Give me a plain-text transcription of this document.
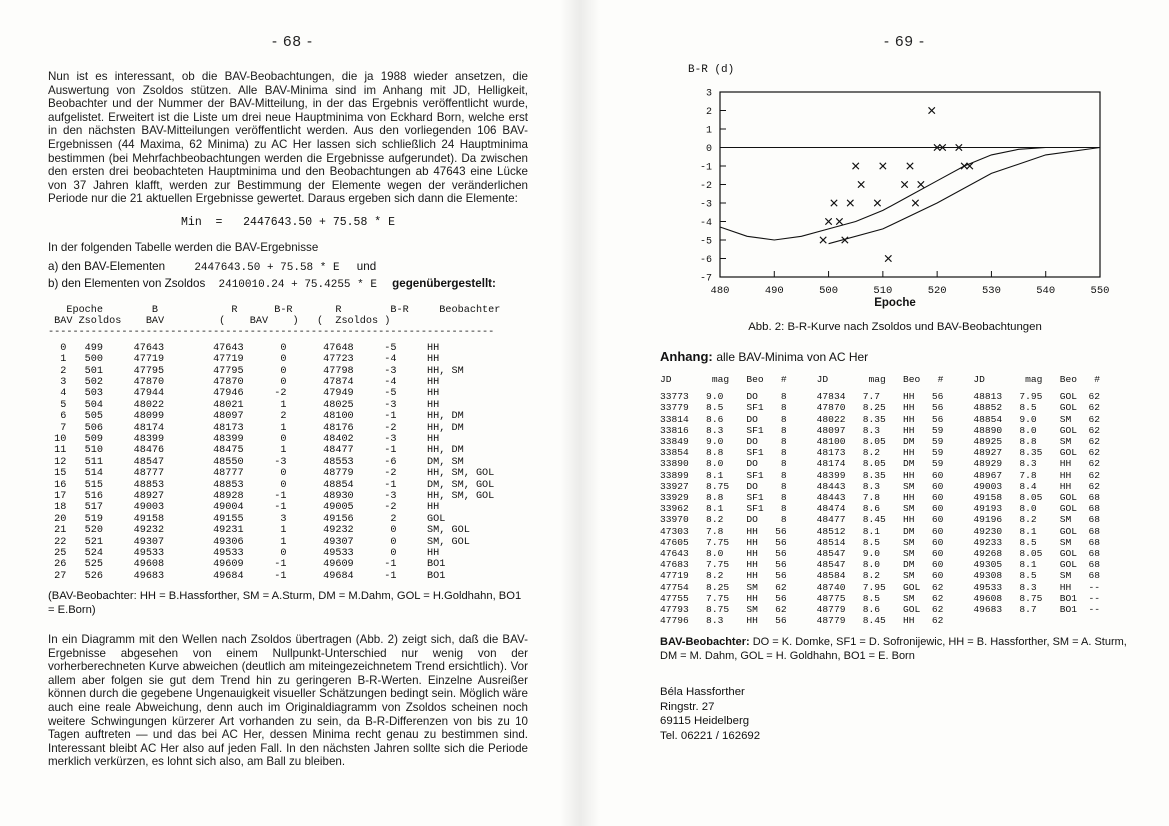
- 68 -	- 69 -

Nun ist es interessant, ob die BAV-Beobachtungen, die ja 1988 wieder ansetzen, die Auswertung von Zsoldos stützen. Alle BAV-Minima sind im Anhang mit JD, Helligkeit, Beobachter und der Nummer der BAV-Mitteilung, in der das Ergebnis veröffentlicht wurde, aufgelistet. Erweitert ist die Liste um drei neue Hauptminima von Eckhard Born, welche erst in den nächsten BAV-Mitteilungen veröffentlicht werden. Aus den vorliegenden 106 BAV-Ergebnissen (44 Maxima, 62 Minima) zu AC Her lassen sich schließlich 24 Hauptminima bestimmen (bei Mehrfachbeobachtungen werden die Ergebnisse aufgerundet). Da zwischen den ersten drei beobachteten Hauptminima und den Beobachtungen ab 47643 eine Lücke von 37 Jahren klafft, werden zur Bestimmung der Elemente wegen der veränderlichen Periode nur die 21 aktuellen Ergebnisse gewertet. Daraus ergeben sich dann die Elemente:

Min  =   2447643.50 + 75.58 * E

In der folgenden Tabelle werden die BAV-Ergebnisse

a) den BAV-Elementen	2447643.50 + 75.58 * E und

b) den Elementen von Zsoldos 2410010.24 + 75.4255 * E gegenübergestellt:

Epoche        B            R      B-R       R        B-R     Beobachter
BAV Zsoldos    BAV         (    BAV    )   (  Zsoldos )
-------------------------------------------------------------------------
0   499     47643        47643      0      47648     -5     HH
1   500     47719        47719      0      47723     -4     HH
2   501     47795        47795      0      47798     -3     HH, SM
3   502     47870        47870      0      47874     -4     HH
4   503     47944        47946     -2      47949     -5     HH
5   504     48022        48021      1      48025     -3     HH
6   505     48099        48097      2      48100     -1     HH, DM
7   506     48174        48173      1      48176     -2     HH, DM
10   509     48399        48399      0      48402     -3     HH
11   510     48476        48475      1      48477     -1     HH, DM
12   511     48547        48550     -3      48553     -6     DM, SM
15   514     48777        48777      0      48779     -2     HH, SM, GOL
16   515     48853        48853      0      48854     -1     DM, SM, GOL
17   516     48927        48928     -1      48930     -3     HH, SM, GOL
18   517     49003        49004     -1      49005     -2     HH
20   519     49158        49155      3      49156      2     GOL
21   520     49232        49231      1      49232      0     SM, GOL
22   521     49307        49306      1      49307      0     SM, GOL
25   524     49533        49533      0      49533      0     HH
26   525     49608        49609     -1      49609     -1     BO1
27   526     49683        49684     -1      49684     -1     BO1

(BAV-Beobachter: HH = B.Hassforther, SM = A.Sturm, DM = M.Dahm, GOL = H.Goldhahn, BO1 = E.Born)

In ein Diagramm mit den Wellen nach Zsoldos übertragen (Abb. 2) zeigt sich, daß die BAV-Ergebnisse abgesehen von einem Nullpunkt-Unterschied nur wenig von der vorherberechneten Kurve abweichen (deutlich am miteingezeichnetem Trend ersichtlich). Vor allem aber folgen sie gut dem Trend hin zu geringeren B-R-Werten. Einzelne Ausreißer können durch die gegebene Ungenauigkeit visueller Schätzungen bedingt sein. Möglich wäre auch eine reale Abweichung, denn auch im Originaldiagramm von Zsoldos scheinen noch weitere Schwingungen kürzerer Art vorhanden zu sein, da B-R-Differenzen von bis zu 10 Tagen auftreten — und das bei AC Her, dessen Minima recht genau zu bestimmen sind. Interessant bleibt AC Her also auf jeden Fall. In den nächsten Jahren sollte sich die Periode merklich verkürzen, es lohnt sich also, am Ball zu bleiben.

B-R (d)
3
2
1
0
-1
-2
-3
-4
-5
-6
-7
480	490	500	510	520	530	540	550
Epoche
Abb. 2: B-R-Kurve nach Zsoldos und BAV-Beobachtungen
Anhang: alle BAV-Minima von AC Her
JD       mag   Beo   #
33773   9.0    DO    8
33779   8.5    SF1   8
33814   8.6    DO    8
33816   8.3    SF1   8
33849   9.0    DO    8
33854   8.8    SF1   8
33890   8.0    DO    8
33899   8.1    SF1   8
33927   8.75   DO    8
33929   8.8    SF1   8
33962   8.1    SF1   8
33970   8.2    DO    8
47303   7.8    HH   56
47605   7.75   HH   56
47643   8.0    HH   56
47683   7.75   HH   56
47719   8.2    HH   56
47754   8.25   SM   62
47755   7.75   HH   56
47793   8.75   SM   62
47796   8.3    HH   56
JD       mag   Beo   #
47834   7.7    HH   56
47870   8.25   HH   56
48022   8.35   HH   56
48097   8.3    HH   59
48100   8.05   DM   59
48173   8.2    HH   59
48174   8.05   DM   59
48399   8.35   HH   60
48443   8.3    SM   60
48443   7.8    HH   60
48474   8.6    SM   60
48477   8.45   HH   60
48512   8.1    DM   60
48514   8.5    SM   60
48547   9.0    SM   60
48547   8.0    DM   60
48584   8.2    SM   60
48740   7.95   GOL  62
48775   8.5    SM   62
48779   8.6    GOL  62
48779   8.45   HH   62
JD       mag   Beo   #
48813   7.95   GOL  62
48852   8.5    GOL  62
48854   9.0    SM   62
48890   8.0    GOL  62
48925   8.8    SM   62
48927   8.35   GOL  62
48929   8.3    HH   62
48967   7.8    HH   62
49003   8.4    HH   62
49158   8.05   GOL  68
49193   8.0    GOL  68
49196   8.2    SM   68
49230   8.1    GOL  68
49233   8.5    SM   68
49268   8.05   GOL  68
49305   8.1    GOL  68
49308   8.5    SM   68
49533   8.3    HH   --
49608   8.75   BO1  --
49683   8.7    BO1  --

BAV-Beobachter: DO = K. Domke, SF1 = D. Sofronijewic, HH = B. Hassforther, SM = A. Sturm, DM = M. Dahm, GOL = H. Goldhahn, BO1 = E. Born

Béla Hassforther
Ringstr. 27
69115 Heidelberg
Tel. 06221 / 162692
